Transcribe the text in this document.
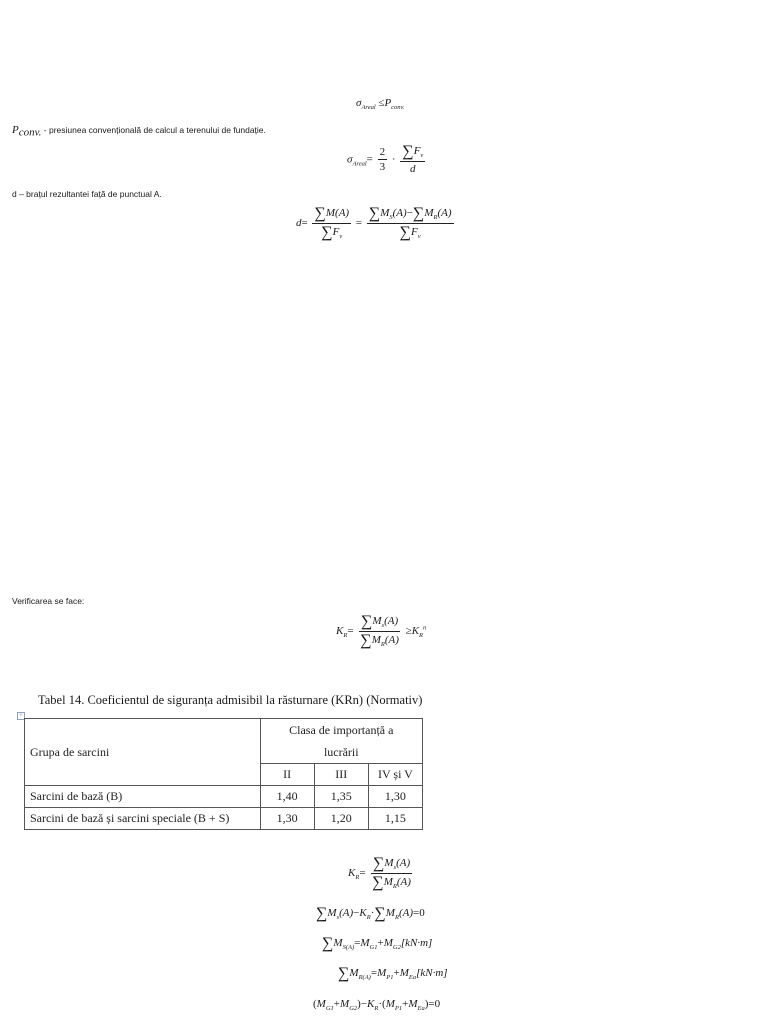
$\sigma_{Areal} \le P_{conv.}$
$P_{conv.}$ - presiunea convențională de calcul a terenului de fundație.
$\sigma_{Areal}= \frac{2}{3} \cdot \frac{\sum F_v}{d}$
d – brațul rezultantei față de punctual A.
$d= \frac{\sum M(A)}{\sum F_v} = \frac{\sum M_S(A)-\sum M_R(A)}{\sum F_v}$
Verificarea se face:
$K_R= \frac{\sum M_s(A)}{\sum M_R(A)} \ge K_R^n$
Tabel 14. Coeficientul de siguranța admisibil la răsturnare (KRn) (Normativ)
+
Grupa de sarcini	Clasa de importanță a		
	lucrării		
	II	III	IV și V
Sarcini de bază (B)	1,40	1,35	1,30
Sarcini de bază și sarcini speciale (B + S)	1,30	1,20	1,15
$K_R= \frac{\sum M_s(A)}{\sum M_R(A)}$
$\sum M_s(A)-K_R\cdot\sum M_R(A)=0$
$\sum M_{S(A)}=M_{G1}+M_{G2}[kN\cdot m]$
$\sum M_{R(A)}=M_{P1}+M_{Ea}[kN\cdot m]$
$(M_{G1}+M_{G2})-K_R\cdot(M_{P1}+M_{Ea})=0$
